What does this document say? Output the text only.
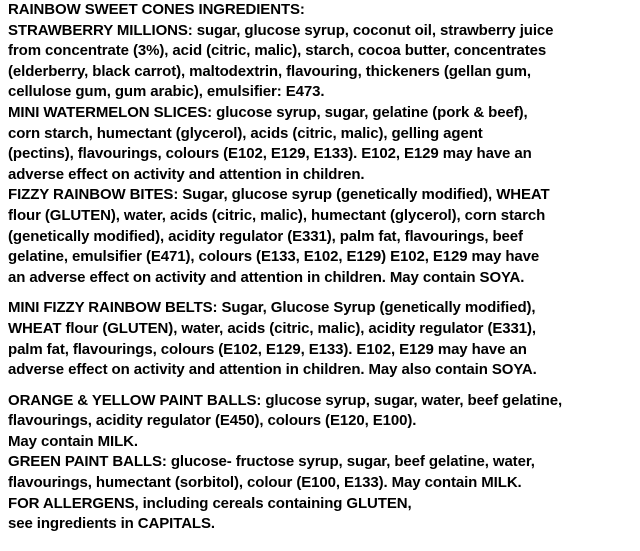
RAINBOW SWEET CONES INGREDIENTS:
STRAWBERRY MILLIONS: sugar, glucose syrup, coconut oil, strawberry juice
from concentrate (3%), acid (citric, malic), starch, cocoa butter, concentrates
(elderberry, black carrot), maltodextrin, flavouring, thickeners (gellan gum,
cellulose gum, gum arabic), emulsifier: E473.
MINI WATERMELON SLICES: glucose syrup, sugar, gelatine (pork & beef),
corn starch, humectant (glycerol), acids (citric, malic), gelling agent
(pectins), flavourings, colours (E102, E129, E133). E102, E129 may have an
adverse effect on activity and attention in children.
FIZZY RAINBOW BITES: Sugar, glucose syrup (genetically modified), WHEAT
flour (GLUTEN), water, acids (citric, malic), humectant (glycerol), corn starch
(genetically modified), acidity regulator (E331), palm fat, flavourings, beef
gelatine, emulsifier (E471), colours (E133, E102, E129) E102, E129 may have
an adverse effect on activity and attention in children. May contain SOYA.
MINI FIZZY RAINBOW BELTS: Sugar, Glucose Syrup (genetically modified),
WHEAT flour (GLUTEN), water, acids (citric, malic), acidity regulator (E331),
palm fat, flavourings, colours (E102, E129, E133). E102, E129 may have an
adverse effect on activity and attention in children. May also contain SOYA.
ORANGE & YELLOW PAINT BALLS: glucose syrup, sugar, water, beef gelatine,
flavourings, acidity regulator (E450), colours (E120, E100).
May contain MILK.
GREEN PAINT BALLS: glucose- fructose syrup, sugar, beef gelatine, water,
flavourings, humectant (sorbitol), colour (E100, E133). May contain MILK.
FOR ALLERGENS, including cereals containing GLUTEN,
see ingredients in CAPITALS.
